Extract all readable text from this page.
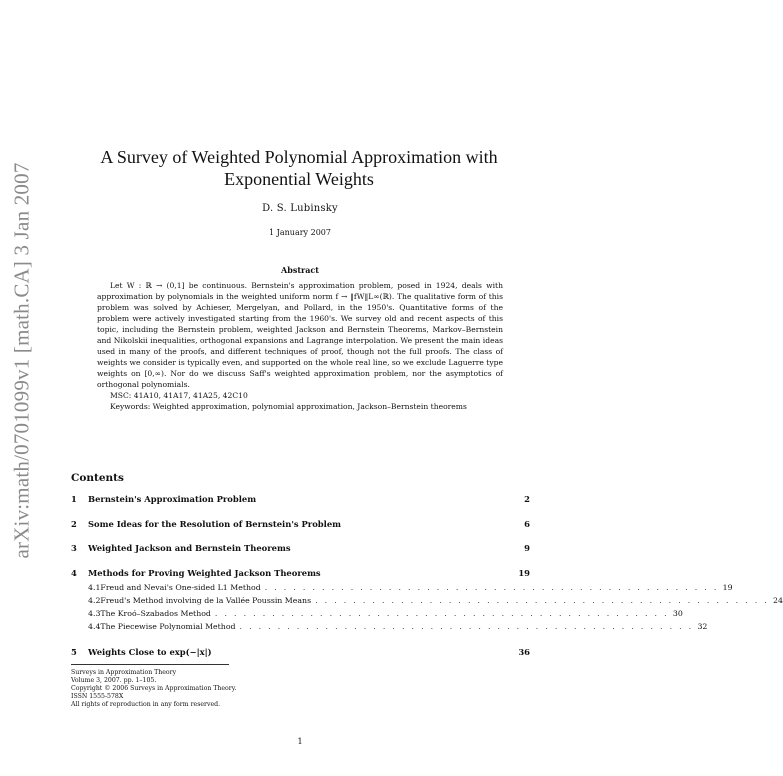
arXiv:math/0701099v1 [math.CA] 3 Jan 2007
A Survey of Weighted Polynomial Approximation with Exponential Weights
D. S. Lubinsky
1 January 2007
Abstract

Let W : ℝ → (0,1] be continuous. Bernstein's approximation problem, posed in 1924, deals with approximation by polynomials in the weighted uniform norm f → ‖fW‖L∞(ℝ). The qualitative form of this problem was solved by Achieser, Mergelyan, and Pollard, in the 1950's. Quantitative forms of the problem were actively investigated starting from the 1960's. We survey old and recent aspects of this topic, including the Bernstein problem, weighted Jackson and Bernstein Theorems, Markov–Bernstein and Nikolskii inequalities, orthogonal expansions and Lagrange interpolation. We present the main ideas used in many of the proofs, and different techniques of proof, though not the full proofs. The class of weights we consider is typically even, and supported on the whole real line, so we exclude Laguerre type weights on [0,∞). Nor do we discuss Saff's weighted approximation problem, nor the asymptotics of orthogonal polynomials.

MSC: 41A10, 41A17, 41A25, 42C10

Keywords: Weighted approximation, polynomial approximation, Jackson–Bernstein theorems

Contents
1	Bernstein's Approximation Problem	2
2	Some Ideas for the Resolution of Bernstein's Problem	6
3	Weighted Jackson and Bernstein Theorems	9
4	Methods for Proving Weighted Jackson Theorems	19
4.1 Freud and Nevai's One-sided L1 Method . . . . . . . . . . . . . . . . . . . . . . . . . . . . . . . . . . . . . . . . . . . . . . . . 19
4.2 Freud's Method involving de la Vallée Poussin Means . . . . . . . . . . . . . . . . . . . . . . . . . . . . . . . . . . . . . . . . . . . . . . . . 24
4.3 The Kroó–Szabados Method . . . . . . . . . . . . . . . . . . . . . . . . . . . . . . . . . . . . . . . . . . . . . . . . 30
4.4 The Piecewise Polynomial Method . . . . . . . . . . . . . . . . . . . . . . . . . . . . . . . . . . . . . . . . . . . . . . . . 32
5	Weights Close to exp(−|x|)	36
Surveys in Approximation Theory
Volume 3, 2007. pp. 1–105.
Copyright © 2006 Surveys in Approximation Theory.
ISSN 1555-578X
All rights of reproduction in any form reserved.
1
